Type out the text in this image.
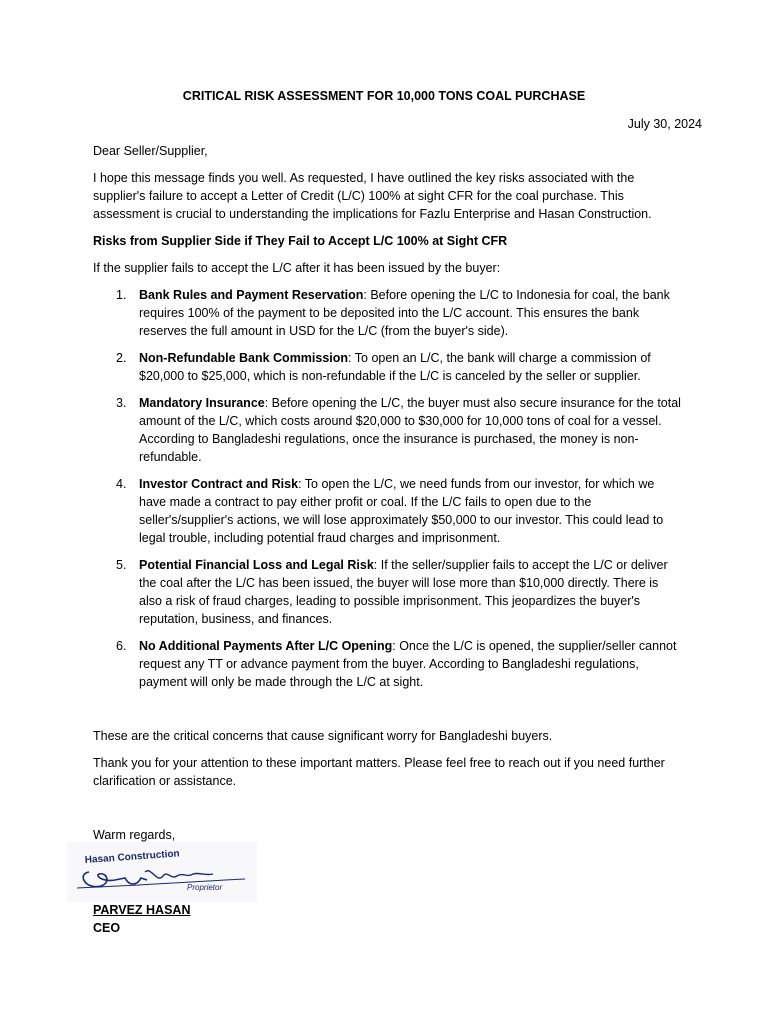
CRITICAL RISK ASSESSMENT FOR 10,000 TONS COAL PURCHASE
July 30, 2024

Dear Seller/Supplier,

I hope this message finds you well. As requested, I have outlined the key risks associated with the supplier's failure to accept a Letter of Credit (L/C) 100% at sight CFR for the coal purchase. This assessment is crucial to understanding the implications for Fazlu Enterprise and Hasan Construction.

Risks from Supplier Side if They Fail to Accept L/C 100% at Sight CFR

If the supplier fails to accept the L/C after it has been issued by the buyer:

1. Bank Rules and Payment Reservation: Before opening the L/C to Indonesia for coal, the bank requires 100% of the payment to be deposited into the L/C account. This ensures the bank reserves the full amount in USD for the L/C (from the buyer's side).
2. Non-Refundable Bank Commission: To open an L/C, the bank will charge a commission of $20,000 to $25,000, which is non-refundable if the L/C is canceled by the seller or supplier.
3. Mandatory Insurance: Before opening the L/C, the buyer must also secure insurance for the total amount of the L/C, which costs around $20,000 to $30,000 for 10,000 tons of coal for a vessel. According to Bangladeshi regulations, once the insurance is purchased, the money is non-refundable.
4. Investor Contract and Risk: To open the L/C, we need funds from our investor, for which we have made a contract to pay either profit or coal. If the L/C fails to open due to the seller's/supplier's actions, we will lose approximately $50,000 to our investor. This could lead to legal trouble, including potential fraud charges and imprisonment.
5. Potential Financial Loss and Legal Risk: If the seller/supplier fails to accept the L/C or deliver the coal after the L/C has been issued, the buyer will lose more than $10,000 directly. There is also a risk of fraud charges, leading to possible imprisonment. This jeopardizes the buyer's reputation, business, and finances.
6. No Additional Payments After L/C Opening: Once the L/C is opened, the supplier/seller cannot request any TT or advance payment from the buyer. According to Bangladeshi regulations, payment will only be made through the L/C at sight.

These are the critical concerns that cause significant worry for Bangladeshi buyers.

Thank you for your attention to these important matters. Please feel free to reach out if you need further clarification or assistance.

Warm regards,

Hasan Construction
Proprietor
PARVEZ HASAN
CEO
